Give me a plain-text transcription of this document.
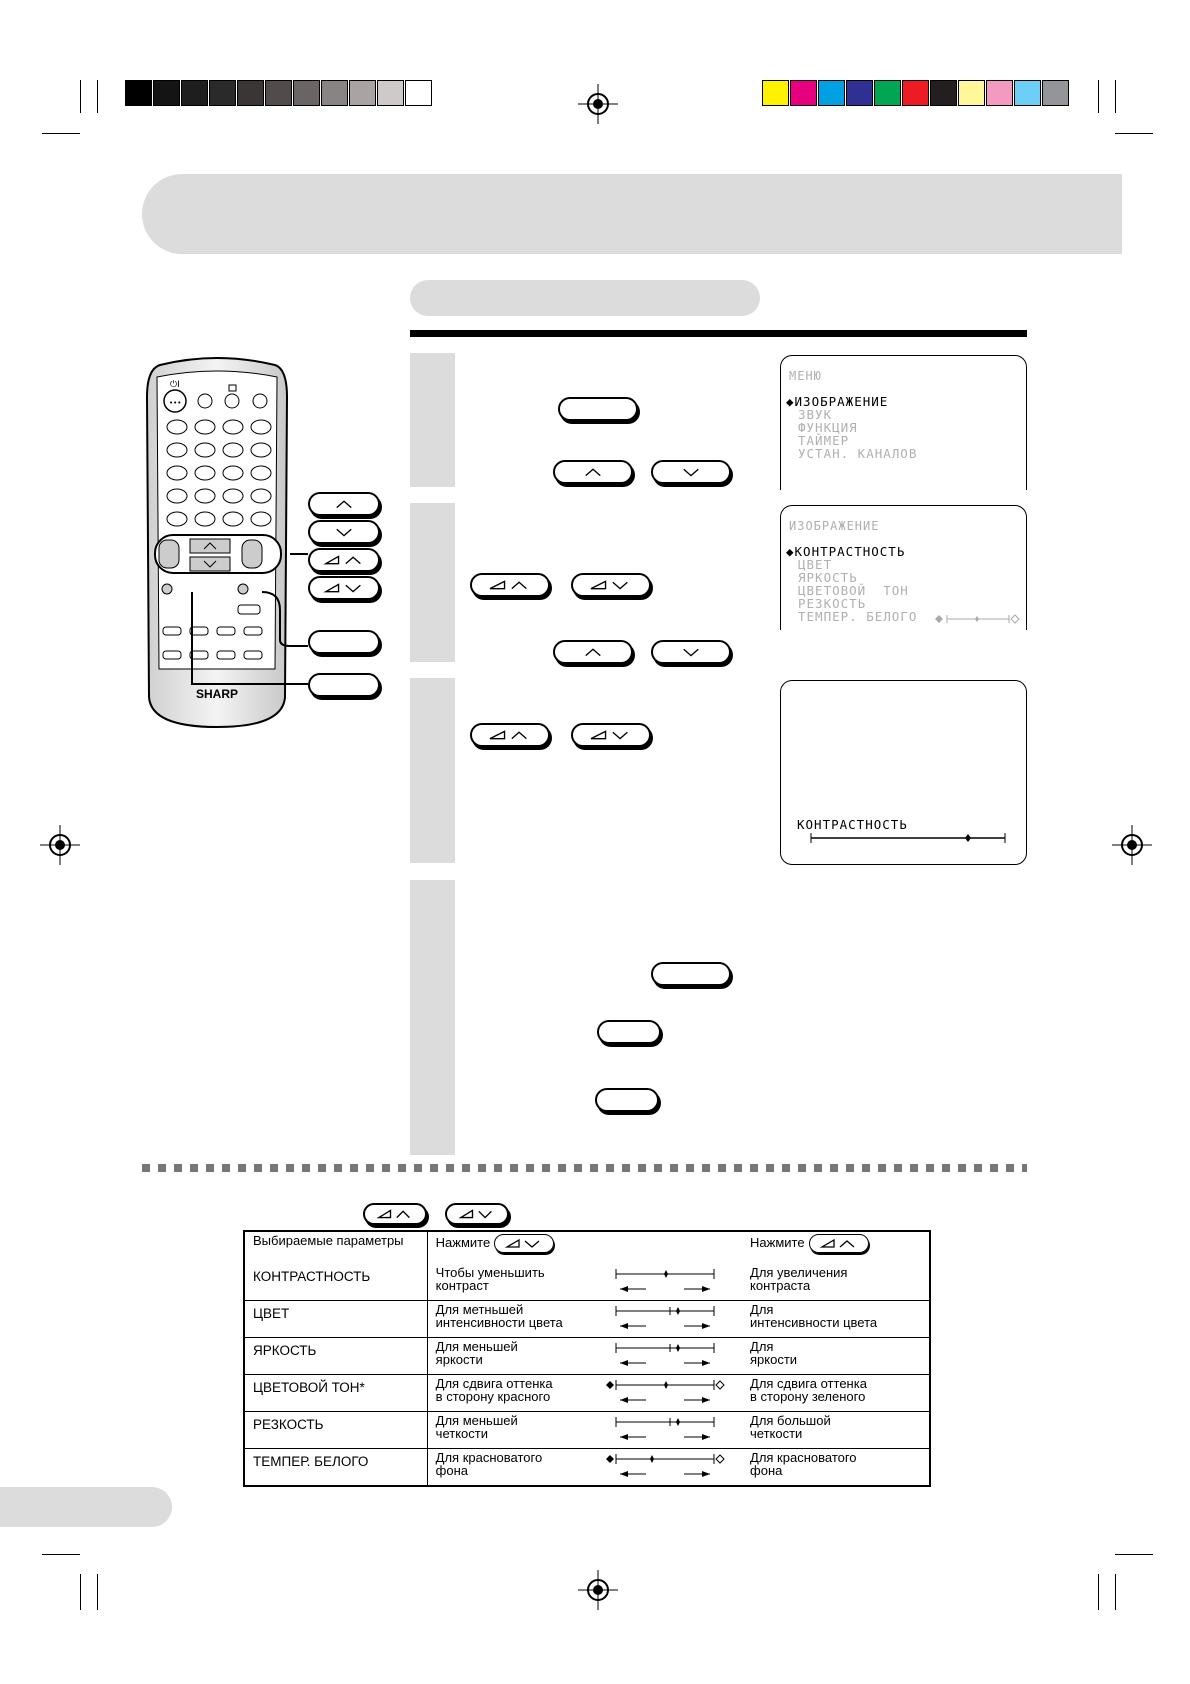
•••
⏻I
SHARP
МЕНЮ
◆ИЗОБРАЖЕНИЕ
ЗВУК
ФУНКЦИЯ
ТАЙМЕР
УСТАН. КАНАЛОВ
ИЗОБРАЖЕНИЕ
◆КОНТРАСТНОСТЬ
ЦВЕТ
ЯРКОСТЬ
ЦВЕТОВОЙ  ТОН
РЕЗКОСТЬ
ТЕМПЕР. БЕЛОГО
КОНТРАСТНОСТЬ
Выбираемые параметры	Нажмите		Нажмите

КОНТРАСТНОСТЬ	Чтобы уменьшить
контраст		Для увеличения
контраста
ЦВЕТ	Для метньшей
интенсивности цвета		Для
интенсивности цвета
ЯРКОСТЬ	Для меньшей
яркости		Для
яркости
ЦВЕТОВОЙ ТОН*	Для сдвига оттенка
в сторону красного		Для сдвига оттенка
в сторону зеленого
РЕЗКОСТЬ	Для меньшей
четкости		Для большой
четкости
ТЕМПЕР. БЕЛОГО	Для красноватого
фона		Для красноватого
фона
